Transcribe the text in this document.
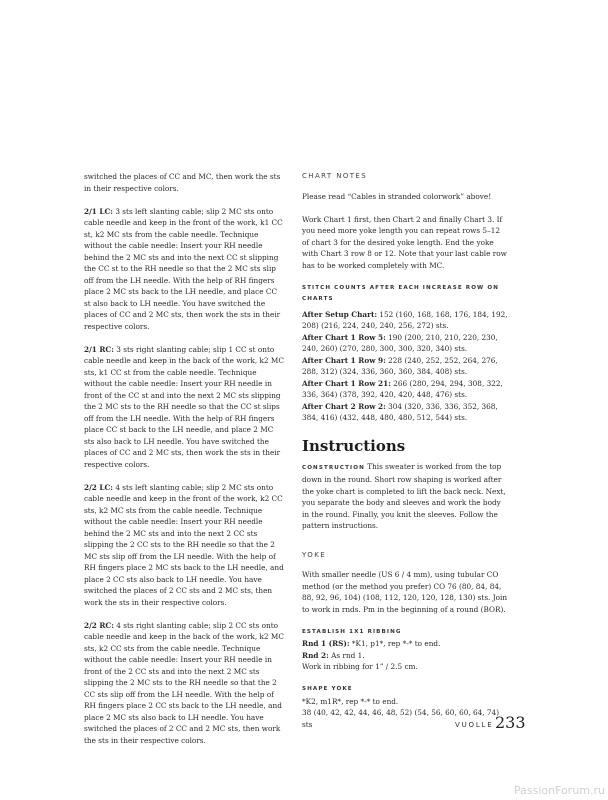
switched the places of CC and MC, then work the sts in their respective colors.

2/1 LC: 3 sts left slanting cable; slip 2 MC sts onto cable needle and keep in the front of the work, k1 CC st, k2 MC sts from the cable needle. Technique without the cable needle: Insert your RH needle behind the 2 MC sts and into the next CC st slipping the CC st to the RH needle so that the 2 MC sts slip off from the LH needle. With the help of RH fingers place 2 MC sts back to the LH needle, and place CC st also back to LH needle. You have switched the places of CC and 2 MC sts, then work the sts in their respective colors.

2/1 RC: 3 sts right slanting cable; slip 1 CC st onto cable needle and keep in the back of the work, k2 MC sts, k1 CC st from the cable needle. Technique without the cable needle: Insert your RH needle in front of the CC st and into the next 2 MC sts slipping the 2 MC sts to the RH needle so that the CC st slips off from the LH needle. With the help of RH fingers place CC st back to the LH needle, and place 2 MC sts also back to LH needle. You have switched the places of CC and 2 MC sts, then work the sts in their respective colors.

2/2 LC: 4 sts left slanting cable; slip 2 MC sts onto cable needle and keep in the front of the work, k2 CC sts, k2 MC sts from the cable needle. Technique without the cable needle: Insert your RH needle behind the 2 MC sts and into the next 2 CC sts slipping the 2 CC sts to the RH needle so that the 2 MC sts slip off from the LH needle. With the help of RH fingers place 2 MC sts back to the LH needle, and place 2 CC sts also back to LH needle. You have switched the places of 2 CC sts and 2 MC sts, then work the sts in their respective colors.

2/2 RC: 4 sts right slanting cable; slip 2 CC sts onto cable needle and keep in the back of the work, k2 MC sts, k2 CC sts from the cable needle. Technique without the cable needle: Insert your RH needle in front of the 2 CC sts and into the next 2 MC sts slipping the 2 MC sts to the RH needle so that the 2 CC sts slip off from the LH needle. With the help of RH fingers place 2 CC sts back to the LH needle, and place 2 MC sts also back to LH needle. You have switched the places of 2 CC and 2 MC sts, then work the sts in their respective colors.

CHART NOTES

Please read “Cables in stranded colorwork” above!

Work Chart 1 first, then Chart 2 and finally Chart 3. If you need more yoke length you can repeat rows 5–12 of chart 3 for the desired yoke length. End the yoke with Chart 3 row 8 or 12. Note that your last cable row has to be worked completely with MC.

STITCH COUNTS AFTER EACH INCREASE ROW ON CHARTS
After Setup Chart: 152 (160, 168, 168, 176, 184, 192, 208) (216, 224, 240, 240, 256, 272) sts.
After Chart 1 Row 5: 190 (200, 210, 210, 220, 230, 240, 260) (270, 280, 300, 300, 320, 340) sts.
After Chart 1 Row 9: 228 (240, 252, 252, 264, 276, 288, 312) (324, 336, 360, 360, 384, 408) sts.
After Chart 1 Row 21: 266 (280, 294, 294, 308, 322, 336, 364) (378, 392, 420, 420, 448, 476) sts.
After Chart 2 Row 2: 304 (320, 336, 336, 352, 368, 384, 416) (432, 448, 480, 480, 512, 544) sts.
Instructions

CONSTRUCTION This sweater is worked from the top down in the round. Short row shaping is worked after the yoke chart is completed to lift the back neck. Next, you separate the body and sleeves and work the body in the round. Finally, you knit the sleeves. Follow the pattern instructions.

YOKE

With smaller needle (US 6 / 4 mm), using tubular CO method (or the method you prefer) CO 76 (80, 84, 84, 88, 92, 96, 104) (108, 112, 120, 120, 128, 130) sts. Join to work in rnds. Pm in the beginning of a round (BOR).

ESTABLISH 1X1 RIBBING
Rnd 1 (RS): *K1, p1*, rep *-* to end.
Rnd 2: As rnd 1.

Work in ribbing for 1” / 2.5 cm.

SHAPE YOKE
*K2, m1R*, rep *-* to end.
38 (40, 42, 42, 44, 46, 48, 52) (54, 56, 60, 60, 64, 74) sts	VUOLLE 233
PassionForum.ru
